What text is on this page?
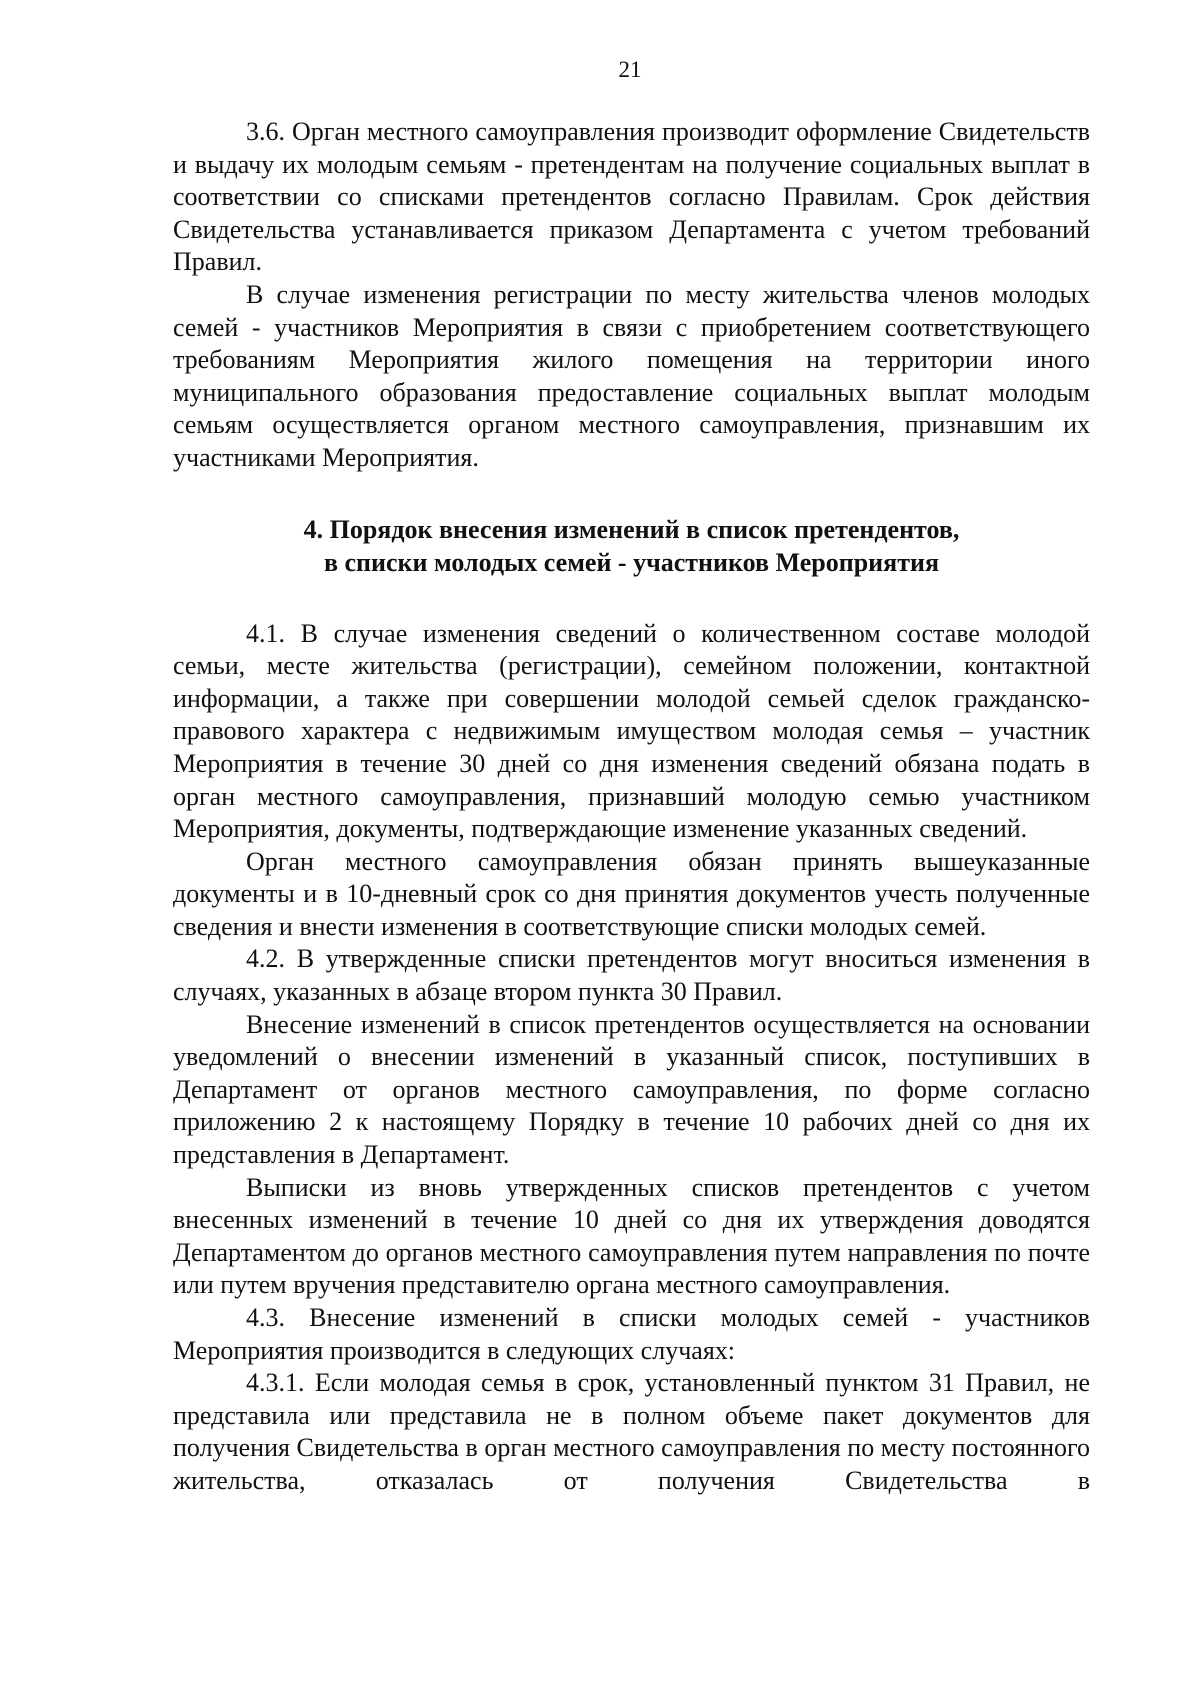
21

3.6. Орган местного самоуправления производит оформление Свидетельств и выдачу их молодым семьям - претендентам на получение социальных выплат в соответствии со списками претендентов согласно Правилам. Срок действия Свидетельства устанавливается приказом Департамента с учетом требований Правил.

В случае изменения регистрации по месту жительства членов молодых семей - участников Мероприятия в связи с приобретением соответствующего требованиям Мероприятия жилого помещения на территории иного муниципального образования предоставление социальных выплат молодым семьям осуществляется органом местного самоуправления, признавшим их участниками Мероприятия.

4. Порядок внесения изменений в список претендентов,
в списки молодых семей - участников Мероприятия

4.1. В случае изменения сведений о количественном составе молодой семьи, месте жительства (регистрации), семейном положении, контактной информации, а также при совершении молодой семьей сделок гражданско-правового характера с недвижимым имуществом молодая семья – участник Мероприятия в течение 30 дней со дня изменения сведений обязана подать в орган местного самоуправления, признавший молодую семью участником Мероприятия, документы, подтверждающие изменение указанных сведений.

Орган местного самоуправления обязан принять вышеуказанные документы и в 10-дневный срок со дня принятия документов учесть полученные сведения и внести изменения в соответствующие списки молодых семей.

4.2. В утвержденные списки претендентов могут вноситься изменения в случаях, указанных в абзаце втором пункта 30 Правил.

Внесение изменений в список претендентов осуществляется на основании уведомлений о внесении изменений в указанный список, поступивших в Департамент от органов местного самоуправления, по форме согласно приложению 2 к настоящему Порядку в течение 10 рабочих дней со дня их представления в Департамент.

Выписки из вновь утвержденных списков претендентов с учетом внесенных изменений в течение 10 дней со дня их утверждения доводятся Департаментом до органов местного самоуправления путем направления по почте или путем вручения представителю органа местного самоуправления.

4.3. Внесение изменений в списки молодых семей - участников Мероприятия производится в следующих случаях:

4.3.1. Если молодая семья в срок, установленный пунктом 31 Правил, не представила или представила не в полном объеме пакет документов для получения Свидетельства в орган местного самоуправления по месту постоянного жительства, отказалась от получения Свидетельства в
